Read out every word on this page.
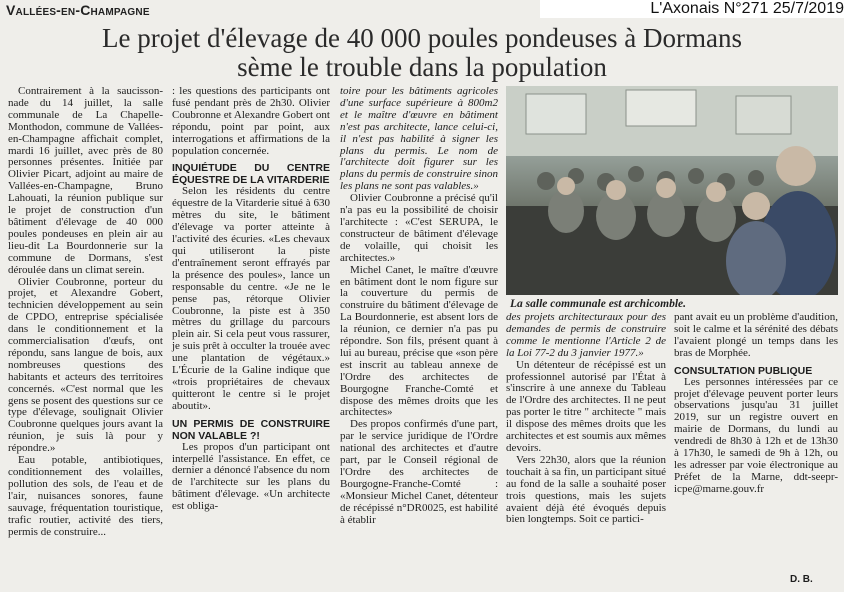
Vallées-en-Champagne	L'Axonais N°271 25/7/2019
Le projet d'élevage de 40 000 poules pondeuses à Dormans
sème le trouble dans la population

Contrairement à la saucisson-nade du 14 juillet, la salle communale de La Chapelle-Monthodon, commune de Vallées-en-Champagne affichait complet, mardi 16 juillet, avec près de 80 personnes présentes. Initiée par Olivier Picart, adjoint au maire de Vallées-en-Champagne, Bruno Lahouati, la réunion publique sur le projet de construction d'un bâtiment d'élevage de 40 000 poules pondeuses en plein air au lieu-dit La Bourdonnerie sur la commune de Dormans, s'est déroulée dans un climat serein.

Olivier Coubronne, porteur du projet, et Alexandre Gobert, technicien développement au sein de CPDO, entreprise spécialisée dans le conditionnement et la commercialisation d'œufs, ont répondu, sans langue de bois, aux nombreuses questions des habitants et acteurs des territoires concernés. «C'est normal que les gens se posent des questions sur ce type d'élevage, soulignait Olivier Coubronne quelques jours avant la réunion, je suis là pour y répondre.»

Eau potable, antibiotiques, conditionnement des volailles, pollution des sols, de l'eau et de l'air, nuisances sonores, faune sauvage, fréquentation touristique, trafic routier, activité des tiers, permis de construire...

: les questions des participants ont fusé pendant près de 2h30. Olivier Coubronne et Alexandre Gobert ont répondu, point par point, aux interrogations et affirmations de la population concernée.

INQUIÉTUDE DU CENTRE ÉQUESTRE DE LA VITARDERIE

Selon les résidents du centre équestre de la Vitarderie situé à 630 mètres du site, le bâtiment d'élevage va porter atteinte à l'activité des écuries. «Les chevaux qui utiliseront la piste d'entraînement seront effrayés par la présence des poules», lance un responsable du centre. «Je ne le pense pas, rétorque Olivier Coubronne, la piste est à 350 mètres du grillage du parcours plein air. Si cela peut vous rassurer, je suis prêt à occulter la trouée avec une plantation de végétaux.» L'Écurie de la Galine indique que «trois propriétaires de chevaux quitteront le centre si le projet aboutit».

UN PERMIS DE CONSTRUIRE NON VALABLE ?!

Les propos d'un participant ont interpellé l'assistance. En effet, ce dernier a dénoncé l'absence du nom de l'architecte sur les plans du bâtiment d'élevage. «Un architecte est obliga-

toire pour les bâtiments agricoles d'une surface supérieure à 800m2 et le maître d'œuvre en bâtiment n'est pas architecte, lance celui-ci, il n'est pas habilité à signer les plans du permis. Le nom de l'architecte doit figurer sur les plans du permis de construire sinon les plans ne sont pas valables.»

Olivier Coubronne a précisé qu'il n'a pas eu la possibilité de choisir l'architecte : «C'est SERUPA, le constructeur de bâtiment d'élevage de volaille, qui choisit les architectes.»

Michel Canet, le maître d'œuvre en bâtiment dont le nom figure sur la couverture du permis de construire du bâtiment d'élevage de La Bourdonnerie, est absent lors de la réunion, ce dernier n'a pas pu répondre. Son fils, présent quant à lui au bureau, précise que «son père est inscrit au tableau annexe de l'Ordre des architectes de Bourgogne Franche-Comté et dispose des mêmes droits que les architectes»

Des propos confirmés d'une part, par le service juridique de l'Ordre national des architectes et d'autre part, par le Conseil régional de l'Ordre des architectes de Bourgogne-Franche-Comté : «Monsieur Michel Canet, détenteur de récépissé n°DR0025, est habilité à établir

La salle communale est archicomble.

des projets architecturaux pour des demandes de permis de construire comme le mentionne l'Article 2 de la Loi 77-2 du 3 janvier 1977.»

Un détenteur de récépissé est un professionnel autorisé par l'État à s'inscrire à une annexe du Tableau de l'Ordre des architectes. Il ne peut pas porter le titre " architecte " mais il dispose des mêmes droits que les architectes et est soumis aux mêmes devoirs.

Vers 22h30, alors que la réunion touchait à sa fin, un participant situé au fond de la salle a souhaité poser trois questions, mais les sujets avaient déjà été évoqués depuis bien longtemps. Soit ce partici-

pant avait eu un problème d'audition, soit le calme et la sérénité des débats l'avaient plongé un temps dans les bras de Morphée.

CONSULTATION PUBLIQUE

Les personnes intéressées par ce projet d'élevage peuvent porter leurs observations jusqu'au 31 juillet 2019, sur un registre ouvert en mairie de Dormans, du lundi au vendredi de 8h30 à 12h et de 13h30 à 17h30, le samedi de 9h à 12h, ou les adresser par voie électronique au Préfet de la Marne, ddt-seepr-icpe@marne.gouv.fr

D. B.
